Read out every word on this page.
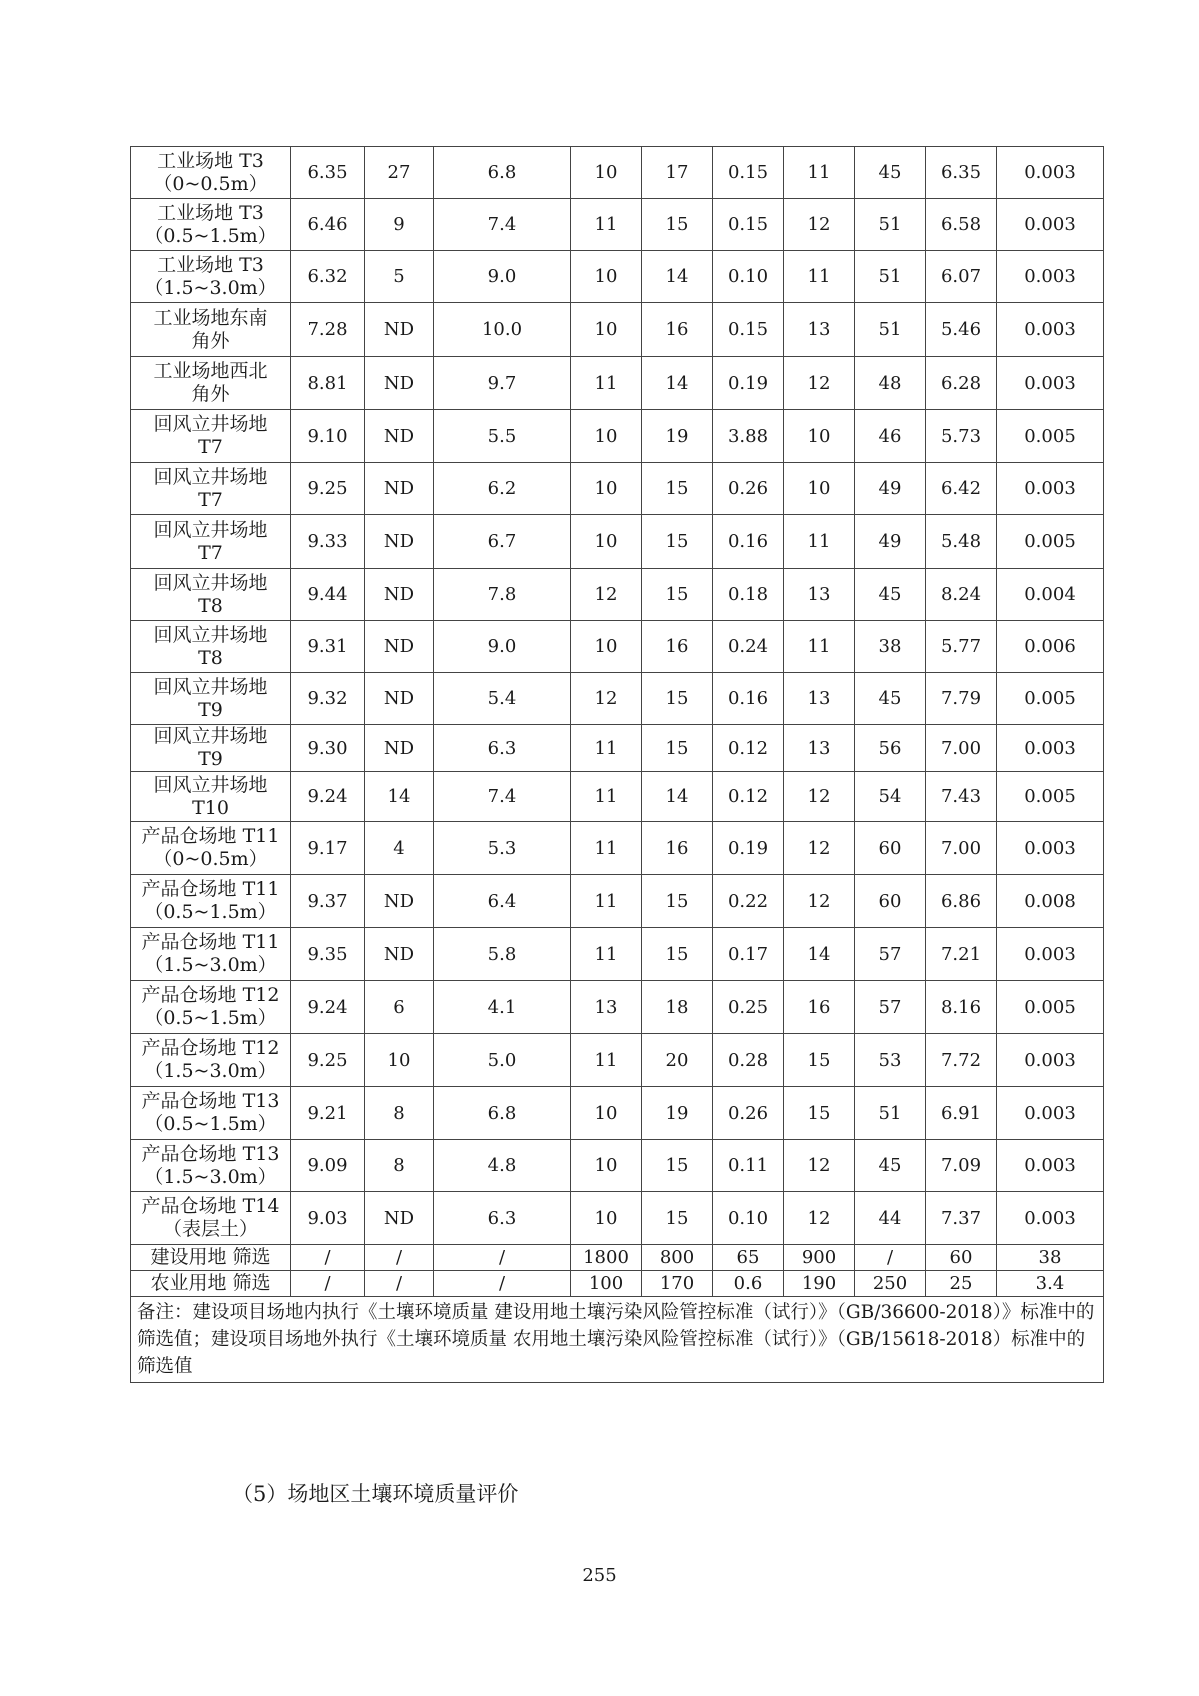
工业场地 T3
（0~0.5m）	6.35	27	6.8	10	17	0.15	11	45	6.35	0.003

工业场地 T3
（0.5~1.5m）	6.46	9	7.4	11	15	0.15	12	51	6.58	0.003

工业场地 T3
（1.5~3.0m）	6.32	5	9.0	10	14	0.10	11	51	6.07	0.003

工业场地东南
角外	7.28	ND	10.0	10	16	0.15	13	51	5.46	0.003

工业场地西北
角外	8.81	ND	9.7	11	14	0.19	12	48	6.28	0.003

回风立井场地
T7	9.10	ND	5.5	10	19	3.88	10	46	5.73	0.005

回风立井场地
T7	9.25	ND	6.2	10	15	0.26	10	49	6.42	0.003

回风立井场地
T7	9.33	ND	6.7	10	15	0.16	11	49	5.48	0.005

回风立井场地
T8	9.44	ND	7.8	12	15	0.18	13	45	8.24	0.004

回风立井场地
T8	9.31	ND	9.0	10	16	0.24	11	38	5.77	0.006

回风立井场地
T9	9.32	ND	5.4	12	15	0.16	13	45	7.79	0.005

回风立井场地
T9	9.30	ND	6.3	11	15	0.12	13	56	7.00	0.003

回风立井场地
T10	9.24	14	7.4	11	14	0.12	12	54	7.43	0.005

产品仓场地 T11
（0~0.5m）	9.17	4	5.3	11	16	0.19	12	60	7.00	0.003

产品仓场地 T11
（0.5~1.5m）	9.37	ND	6.4	11	15	0.22	12	60	6.86	0.008

产品仓场地 T11
（1.5~3.0m）	9.35	ND	5.8	11	15	0.17	14	57	7.21	0.003

产品仓场地 T12
（0.5~1.5m）	9.24	6	4.1	13	18	0.25	16	57	8.16	0.005

产品仓场地 T12
（1.5~3.0m）	9.25	10	5.0	11	20	0.28	15	53	7.72	0.003

产品仓场地 T13
（0.5~1.5m）	9.21	8	6.8	10	19	0.26	15	51	6.91	0.003

产品仓场地 T13
（1.5~3.0m）	9.09	8	4.8	10	15	0.11	12	45	7.09	0.003

产品仓场地 T14
（表层土）	9.03	ND	6.3	10	15	0.10	12	44	7.37	0.003

建设用地 筛选	/	/	/	1800	800	65	900	/	60	38

农业用地 筛选	/	/	/	100	170	0.6	190	250	25	3.4
备注：建设项目场地内执行《土壤环境质量 建设用地土壤污染风险管控标准（试行）》（GB/36600-2018）》标准中的筛选值；建设项目场地外执行《土壤环境质量 农用地土壤污染风险管控标准（试行）》（GB/15618-2018）标准中的筛选值										

（5）场地区土壤环境质量评价

255
